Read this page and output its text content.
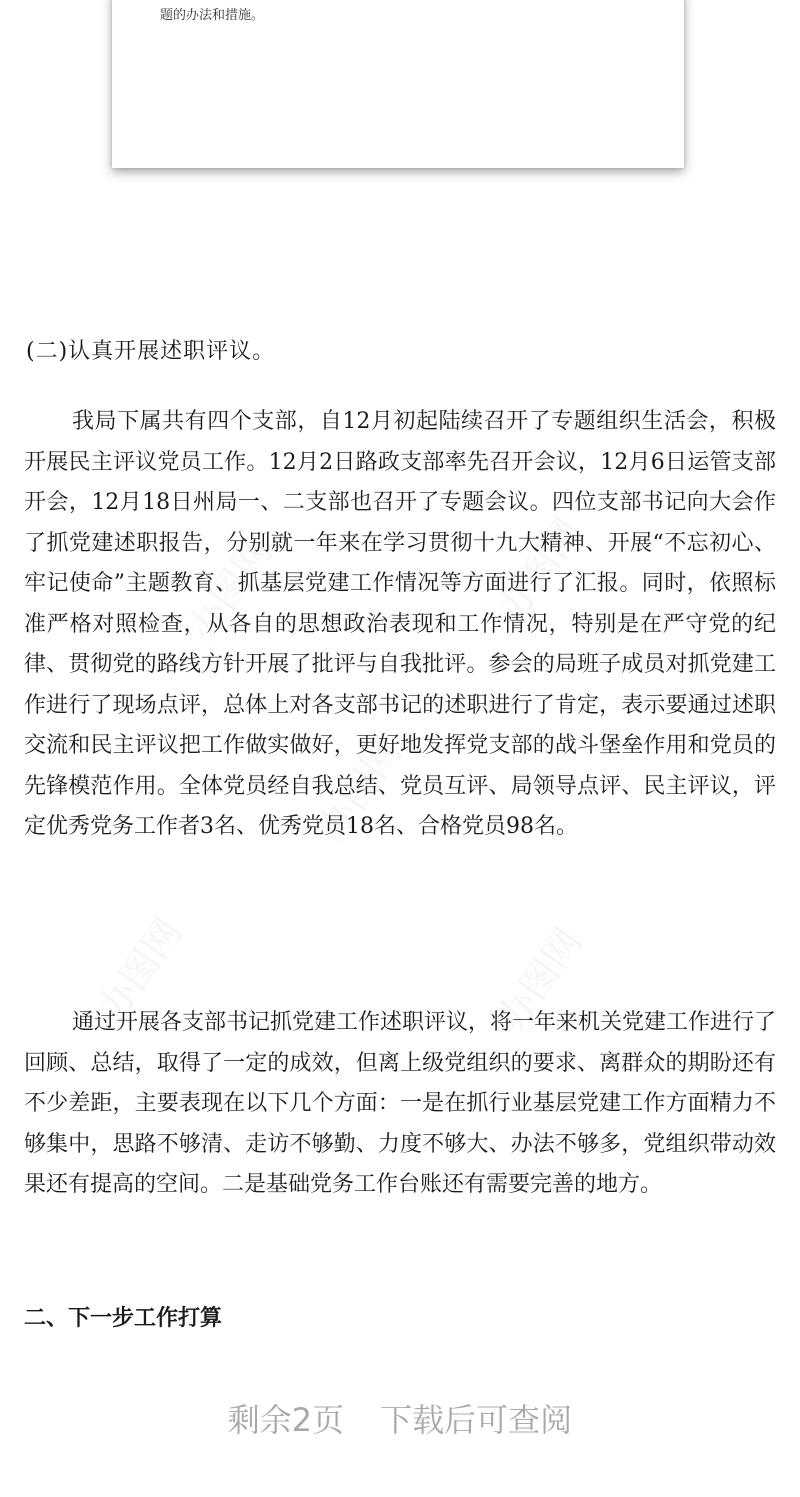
题的办法和措施。
(二)认真开展述职评议。

我局下属共有四个支部，自12月初起陆续召开了专题组织生活会，积极开展民主评议党员工作。12月2日路政支部率先召开会议，12月6日运管支部开会，12月18日州局一、二支部也召开了专题会议。四位支部书记向大会作了抓党建述职报告，分别就一年来在学习贯彻十九大精神、开展“不忘初心、牢记使命”主题教育、抓基层党建工作情况等方面进行了汇报。同时，依照标准严格对照检查，从各自的思想政治表现和工作情况，特别是在严守党的纪律、贯彻党的路线方针开展了批评与自我批评。参会的局班子成员对抓党建工作进行了现场点评，总体上对各支部书记的述职进行了肯定，表示要通过述职交流和民主评议把工作做实做好，更好地发挥党支部的战斗堡垒作用和党员的先锋模范作用。全体党员经自我总结、党员互评、局领导点评、民主评议，评定优秀党务工作者3名、优秀党员18名、合格党员98名。

通过开展各支部书记抓党建工作述职评议，将一年来机关党建工作进行了回顾、总结，取得了一定的成效，但离上级党组织的要求、离群众的期盼还有不少差距，主要表现在以下几个方面：一是在抓行业基层党建工作方面精力不够集中，思路不够清、走访不够勤、力度不够大、办法不够多，党组织带动效果还有提高的空间。二是基础党务工作台账还有需要完善的地方。

二、下一步工作打算
剩余2页 下载后可查阅
